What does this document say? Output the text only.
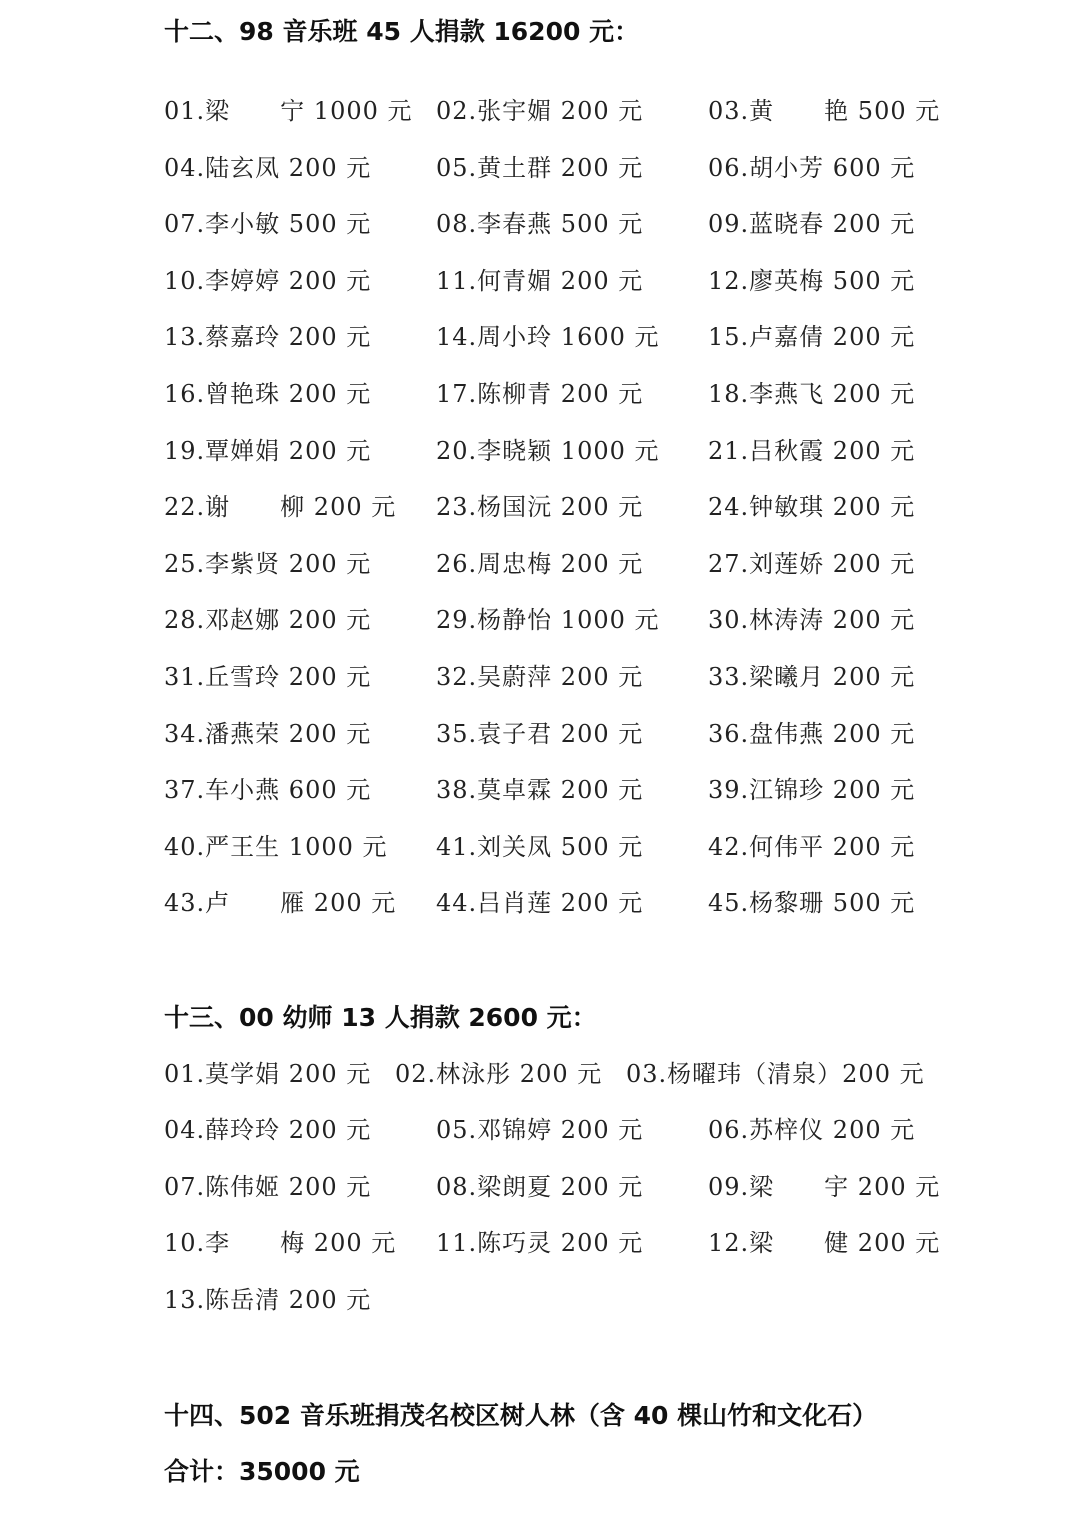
十二、98 音乐班 45 人捐款 16200 元：
01.梁　　宁 1000 元 02.张宇媚 200 元	03.黄　　艳 500 元
04.陆玄凤 200 元	05.黄土群 200 元	06.胡小芳 600 元
07.李小敏 500 元	08.李春燕 500 元	09.蓝晓春 200 元
10.李婷婷 200 元	11.何青媚 200 元	12.廖英梅 500 元
13.蔡嘉玲 200 元	14.周小玲 1600 元 15.卢嘉倩 200 元
16.曾艳珠 200 元	17.陈柳青 200 元	18.李燕飞 200 元
19.覃婵娟 200 元	20.李晓颖 1000 元 21.吕秋霞 200 元
22.谢　　柳 200 元 23.杨国沅 200 元	24.钟敏琪 200 元
25.李紫贤 200 元	26.周忠梅 200 元	27.刘莲娇 200 元
28.邓赵娜 200 元	29.杨静怡 1000 元 30.林涛涛 200 元
31.丘雪玲 200 元	32.吴蔚萍 200 元	33.梁曦月 200 元
34.潘燕荣 200 元	35.袁子君 200 元	36.盘伟燕 200 元
37.车小燕 600 元	38.莫卓霖 200 元	39.江锦珍 200 元
40.严王生 1000 元 41.刘关凤 500 元	42.何伟平 200 元
43.卢　　雁 200 元 44.吕肖莲 200 元	45.杨黎珊 500 元
十三、00 幼师 13 人捐款 2600 元：
01.莫学娟 200 元 02.林泳彤 200 元 03.杨曜玮（清泉）200 元
04.薛玲玲 200 元	05.邓锦婷 200 元	06.苏梓仪 200 元
07.陈伟姬 200 元	08.梁朗夏 200 元	09.梁　　宇 200 元
10.李　　梅 200 元 11.陈巧灵 200 元	12.梁　　健 200 元
13.陈岳清 200 元
十四、502 音乐班捐茂名校区树人林（含 40 棵山竹和文化石）
合计：35000 元
